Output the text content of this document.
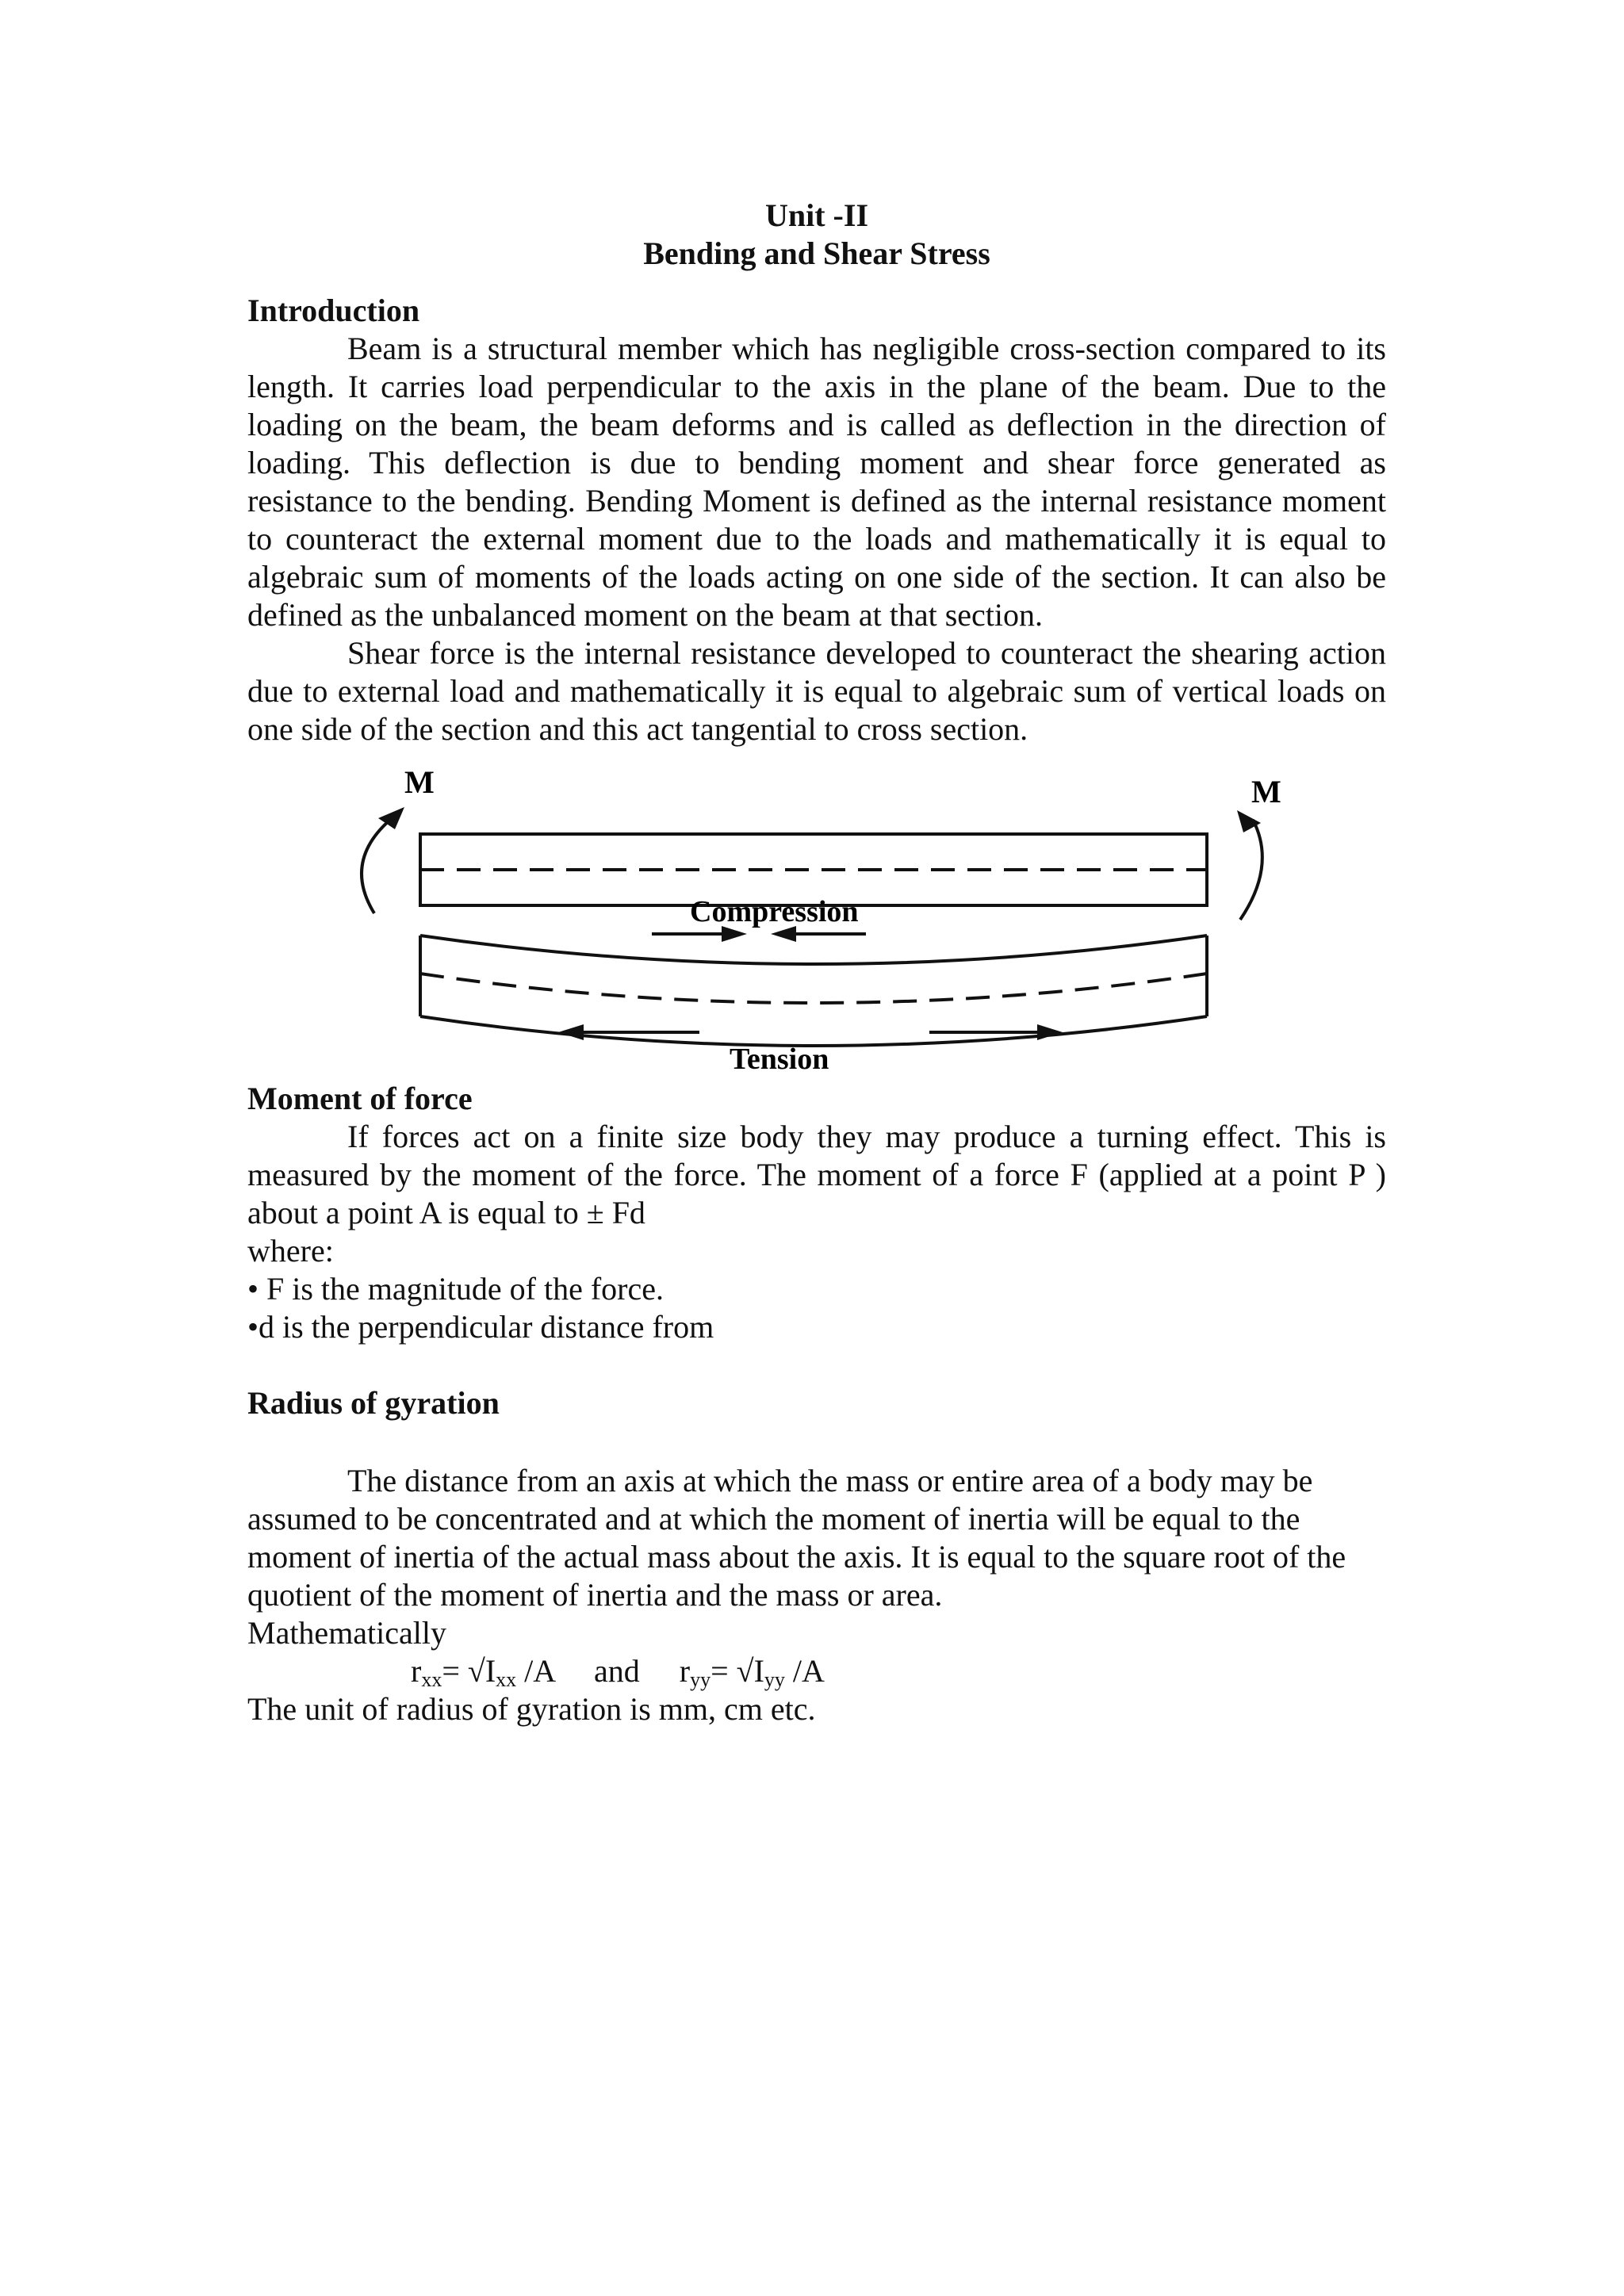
Unit -II
Bending and Shear Stress
Introduction

Beam is a structural member which has negligible cross-section compared to its length. It carries load perpendicular to the axis in the plane of the beam. Due to the loading on the beam, the beam deforms and is called as deflection in the direction of loading. This deflection is due to bending moment and shear force generated as resistance to the bending. Bending Moment is defined as the internal resistance moment to counteract the external moment due to the loads and mathematically it is equal to algebraic sum of moments of the loads acting on one side of the section. It can also be defined as the unbalanced moment on the beam at that section.

Shear force is the internal resistance developed to counteract the shearing action due to external load and mathematically it is equal to algebraic sum of vertical loads on one side of the section and this act tangential to cross section.

M	M
Compression
Tension
Moment of force

If forces act on a finite size body they may produce a turning effect. This is measured by the moment of the force. The moment of a force F (applied at a point P ) about a point A is equal to ± Fd

where:
• F is the magnitude of the force.
•d is the perpendicular distance from
Radius of gyration

The distance from an axis at which the mass or entire area of a body may be assumed to be concentrated and at which the moment of inertia will be equal to the moment of inertia of the actual mass about the axis. It is equal to the square root of the quotient of the moment of inertia and the mass or area.

Mathematically
$r_{xx}= √I_{xx}$ /A     and     $r_{yy}= √I_{yy}$ /A
The unit of radius of gyration is mm, cm etc.
